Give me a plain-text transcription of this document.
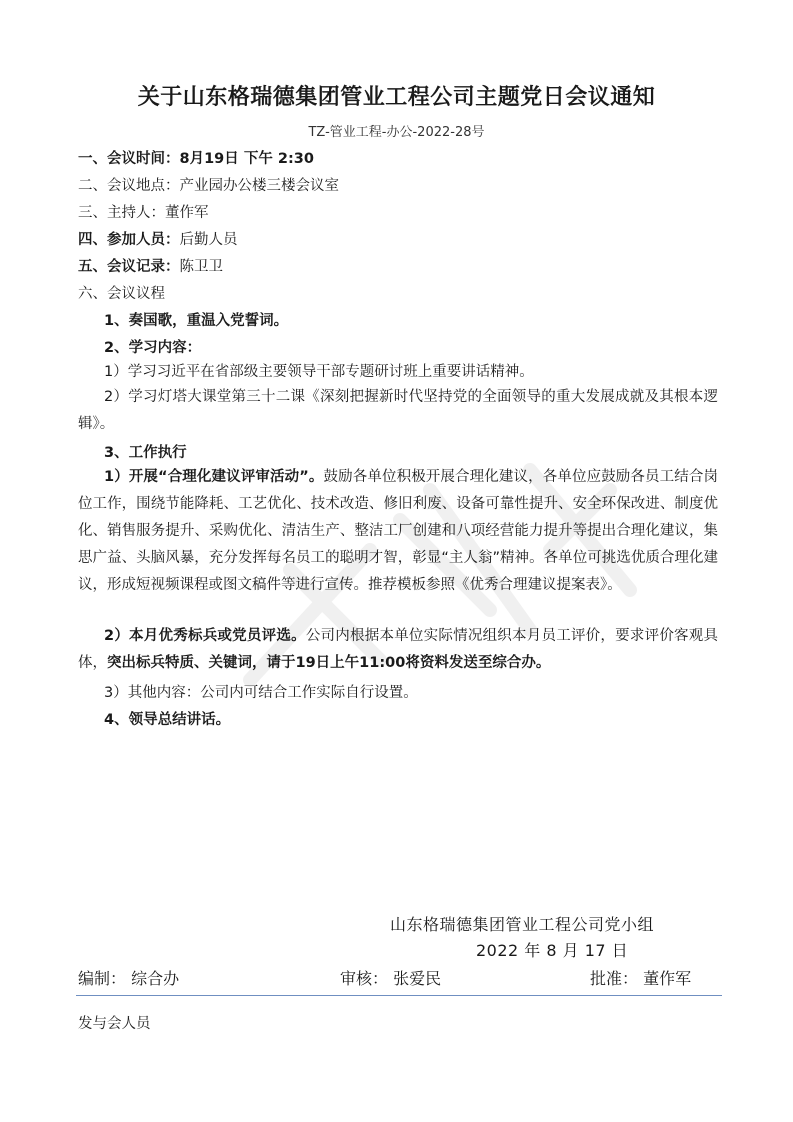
关于山东格瑞德集团管业工程公司主题党日会议通知
TZ-管业工程-办公-2022-28号
一、会议时间：8月19日 下午 2:30
二、会议地点：产业园办公楼三楼会议室
三、主持人：董作军
四、参加人员：后勤人员
五、会议记录：陈卫卫
六、会议议程
1、奏国歌，重温入党誓词。
2、学习内容：
1）学习习近平在省部级主要领导干部专题研讨班上重要讲话精神。
2）学习灯塔大课堂第三十二课《深刻把握新时代坚持党的全面领导的重大发展成就及其根本逻辑》。
3、工作执行
1）开展“合理化建议评审活动”。鼓励各单位积极开展合理化建议，各单位应鼓励各员工结合岗位工作，围绕节能降耗、工艺优化、技术改造、修旧利废、设备可靠性提升、安全环保改进、制度优化、销售服务提升、采购优化、清洁生产、整洁工厂创建和八项经营能力提升等提出合理化建议，集思广益、头脑风暴，充分发挥每名员工的聪明才智，彰显“主人翁”精神。各单位可挑选优质合理化建议，形成短视频课程或图文稿件等进行宣传。推荐模板参照《优秀合理建议提案表》。
2）本月优秀标兵或党员评选。公司内根据本单位实际情况组织本月员工评价，要求评价客观具体，突出标兵特质、关键词，请于19日上午11:00将资料发送至综合办。
3）其他内容：公司内可结合工作实际自行设置。
4、领导总结讲话。
山东格瑞德集团管业工程公司党小组
2022 年 8 月 17 日
编制： 综合办	审核： 张爱民	批准： 董作军
发与会人员
